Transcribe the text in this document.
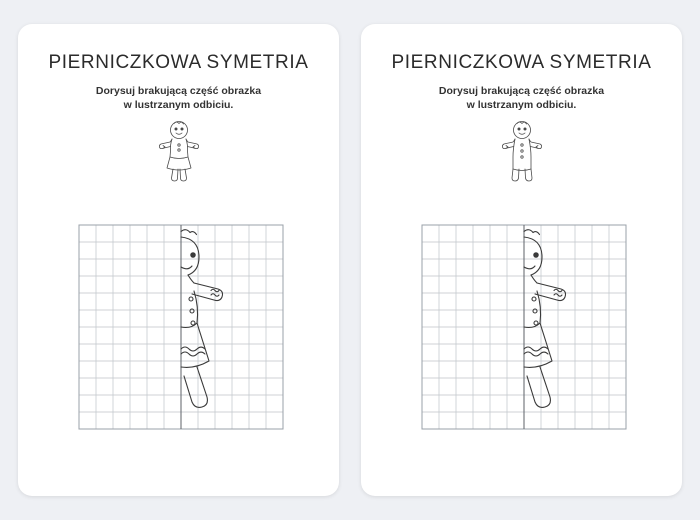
PIERNICZKOWA SYMETRIA
Dorysuj brakującą część obrazka
w lustrzanym odbiciu.
PIERNICZKOWA SYMETRIA
Dorysuj brakującą część obrazka
w lustrzanym odbiciu.
